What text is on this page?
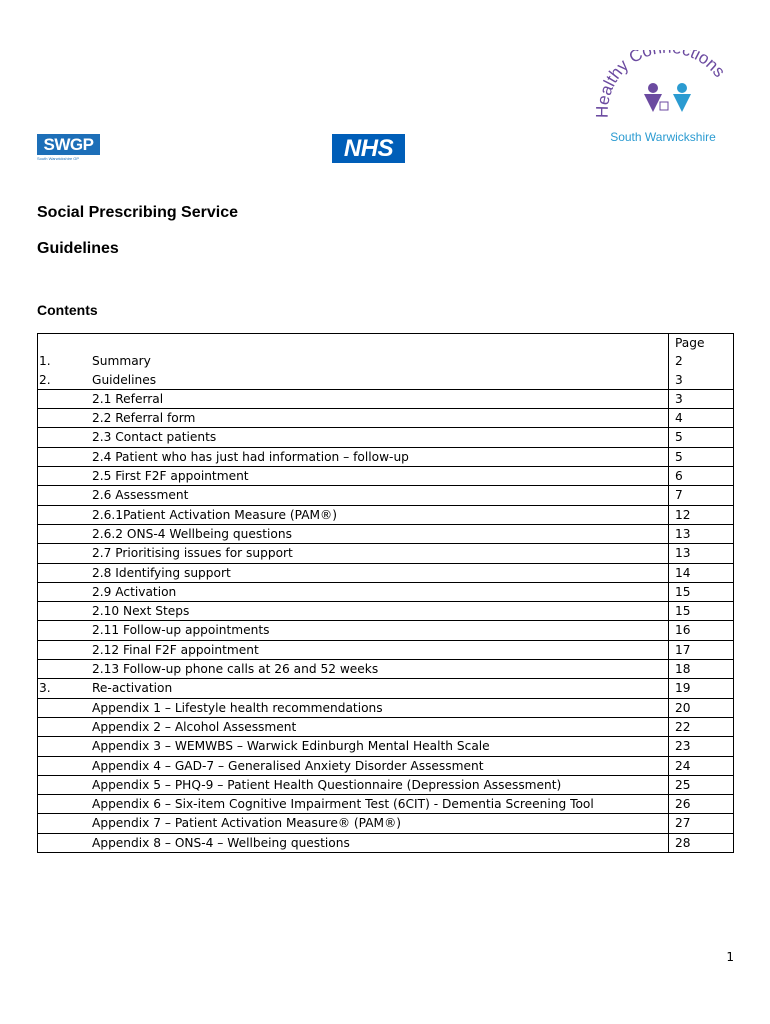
SWGP
South Warwickshire GP	NHS
Healthy Co ctions
South Warwickshire
Social Prescribing Service
Guidelines
Contents
		Page
1.	Summary	2
2.	Guidelines	3
	2.1 Referral	3
	2.2 Referral form	4
	2.3 Contact patients	5
	2.4 Patient who has just had information – follow-up	5
	2.5 First F2F appointment	6
	2.6 Assessment	7
	2.6.1Patient Activation Measure (PAM®)	12
	2.6.2 ONS-4 Wellbeing questions	13
	2.7 Prioritising issues for support	13
	2.8 Identifying support	14
	2.9 Activation	15
	2.10 Next Steps	15
	2.11 Follow-up appointments	16
	2.12 Final F2F appointment	17
	2.13 Follow-up phone calls at 26 and 52 weeks	18
3.	Re-activation	19
	Appendix 1 – Lifestyle health recommendations	20
	Appendix 2 – Alcohol Assessment	22
	Appendix 3 – WEMWBS – Warwick Edinburgh Mental Health Scale	23
	Appendix 4 – GAD-7 – Generalised Anxiety Disorder Assessment	24
	Appendix 5 – PHQ-9 – Patient Health Questionnaire (Depression Assessment)	25
	Appendix 6 – Six-item Cognitive Impairment Test (6CIT) - Dementia Screening Tool	26
	Appendix 7 – Patient Activation Measure® (PAM®)	27
	Appendix 8 – ONS-4 – Wellbeing questions	28
1
